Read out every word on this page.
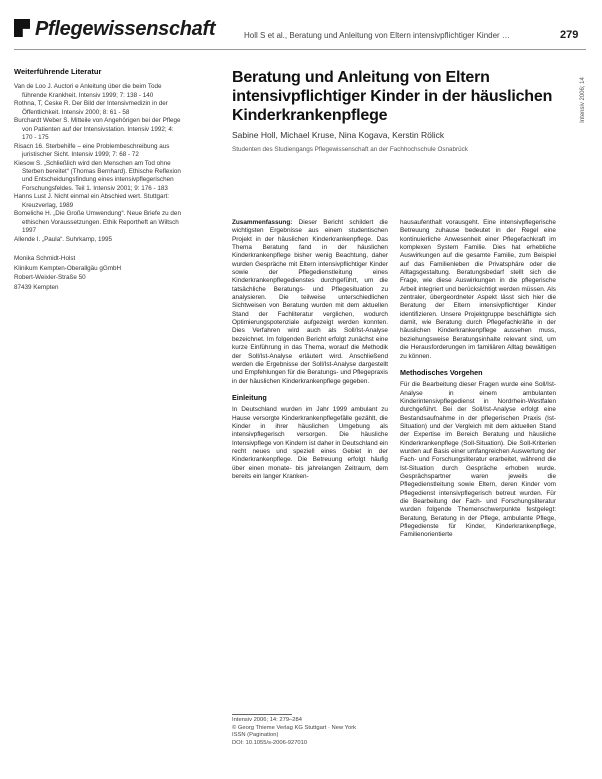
Pflegewissenschaft	Holl S et al., Beratung und Anleitung von Eltern intensivpflichtiger Kinder …	279
Intensiv 2006; 14
Weiterführende Literatur
Van de Loo J. Auctori e Anleitung über die beim Tode führende Krankheit. Intensiv 1999; 7: 138 - 140
Rothna, T, Ceske R. Der Bild der Intensivmedizin in der Öffentlichkeit. Intensiv 2000; 8: 61 - 58
Burchardt Weber S. Mitteile von Angehörigen bei der Pflege von Patienten auf der Intensivstation. Intensiv 1992; 4: 170 - 175
Risacn 16. Sterbehilfe – eine Problembeschreibung aus juristischer Sicht. Intensiv 1999; 7: 68 - 72
Kiesow S. „Schließlich wird den Menschen am Tod ohne Sterben bereitet“ (Thomas Bernhard). Ethische Reflexion und Entscheidungsfindung eines intensivpflegerischen Forschungsfeldes. Teil 1. Intensiv 2001; 9: 176 - 183
Hanns Lust J. Nicht einmal ein Abschied wert. Stuttgart: Kreuzverlag, 1989
Bomeliche H. „Die Große Umwendung“. Neue Briefe zu den ethischen Voraussetzungen. Ethik Reportheft an Wiltsch 1997
Allende I. „Paula“. Suhrkamp, 1995
Monika Schmidt-Holst
Klinikum Kempten-Oberallgäu gGmbH
Robert-Weixler-Straße 50
87439 Kempten
Beratung und Anleitung von Eltern intensivpflichtiger Kinder in der häuslichen Kinderkrankenpflege
Sabine Holl, Michael Kruse, Nina Kogava, Kerstin Rölick
Studenten des Studiengangs Pflegewissenschaft an der Fachhochschule Osnabrück
Zusammenfassung: Dieser Bericht schildert die wichtigsten Ergebnisse aus einem studentischen Projekt in der häuslichen Kinderkrankenpflege. Das Thema Beratung fand in der häuslichen Kinderkrankenpflege bisher wenig Beachtung, daher wurden Gespräche mit Eltern intensivpflichtiger Kinder sowie der Pflegedienstleitung eines Kinderkrankenpflegedienstes durchgeführt, um die tatsächliche Beratungs- und Pflegesituation zu analysieren. Die teilweise unterschiedlichen Sichtweisen von Beratung wurden mit dem aktuellen Stand der Fachliteratur verglichen, wodurch Optimierungspotenziale aufgezeigt werden konnten. Dies Verfahren wird auch als Soll/Ist-Analyse bezeichnet. Im folgenden Bericht erfolgt zunächst eine kurze Einführung in das Thema, worauf die Methodik der Soll/Ist-Analyse erläutert wird. Anschließend werden die Ergebnisse der Soll/Ist-Analyse dargestellt und Empfehlungen für die Beratungs- und Pflegepraxis in der häuslichen Kinderkrankenpflege gegeben.
Einleitung
In Deutschland wurden im Jahr 1999 ambulant zu Hause versorgte Kinderkrankenpflegefälle gezählt, die Kinder in ihrer häuslichen Umgebung als intensivpflegerisch versorgen. Die häusliche Intensivpflege von Kindern ist daher in Deutschland ein recht neues und speziell eines Gebiet in der Kinderkrankenpflege. Die Betreuung erfolgt häufig über einen monate- bis jahrelangen Zeitraum, dem bereits ein langer Kranken-
hausaufenthalt vorausgeht. Eine intensivpflegerische Betreuung zuhause bedeutet in der Regel eine kontinuierliche Anwesenheit einer Pflegefachkraft im komplexen System Familie. Dies hat erhebliche Auswirkungen auf die gesamte Familie, zum Beispiel auf das Familienleben die Privatsphäre oder die Alltagsgestaltung. Beratungsbedarf stellt sich die Frage, wie diese Auswirkungen in die pflegerische Arbeit integriert und berücksichtigt werden müssen. Als zentraler, übergeordneter Aspekt lässt sich hier die Beratung der Eltern intensivpflichtiger Kinder identifizieren. Unsere Projektgruppe beschäftigte sich damit, wie Beratung durch Pflegefachkräfte in der häuslichen Kinderkrankenpflege aussehen muss, beziehungsweise Beratungsinhalte relevant sind, um die Herausforderungen im familiären Alltag bewältigen zu können.
Methodisches Vorgehen
Für die Bearbeitung dieser Fragen wurde eine Soll/Ist-Analyse in einem ambulanten Kinderintensivpflegedienst in Nordrhein-Westfalen durchgeführt. Bei der Soll/Ist-Analyse erfolgt eine Bestandsaufnahme in der pflegerischen Praxis (Ist-Situation) und der Vergleich mit dem aktuellen Stand der Expertise im Bereich Beratung und häusliche Kinderkrankenpflege (Soll-Situation). Die Soll-Kriterien wurden auf Basis einer umfangreichen Auswertung der Fach- und Forschungsliteratur erarbeitet, während die Ist-Situation durch Gespräche erhoben wurde. Gesprächspartner waren jeweils die Pflegedienstleitung sowie Eltern, deren Kinder vom Pflegedienst intensivpflegerisch betreut wurden. Für die Bearbeitung der Fach- und Forschungsliteratur wurden folgende Themenschwerpunkte festgelegt: Beratung, Beratung in der Pflege, ambulante Pflege, Pflegedienste für Kinder, Kinderkrankenpflege, Familienorientierte
Intensiv 2006; 14: 279–284
© Georg Thieme Verlag KG Stuttgart · New York
ISSN (Pagination)
DOI: 10.1055/s-2006-927010
